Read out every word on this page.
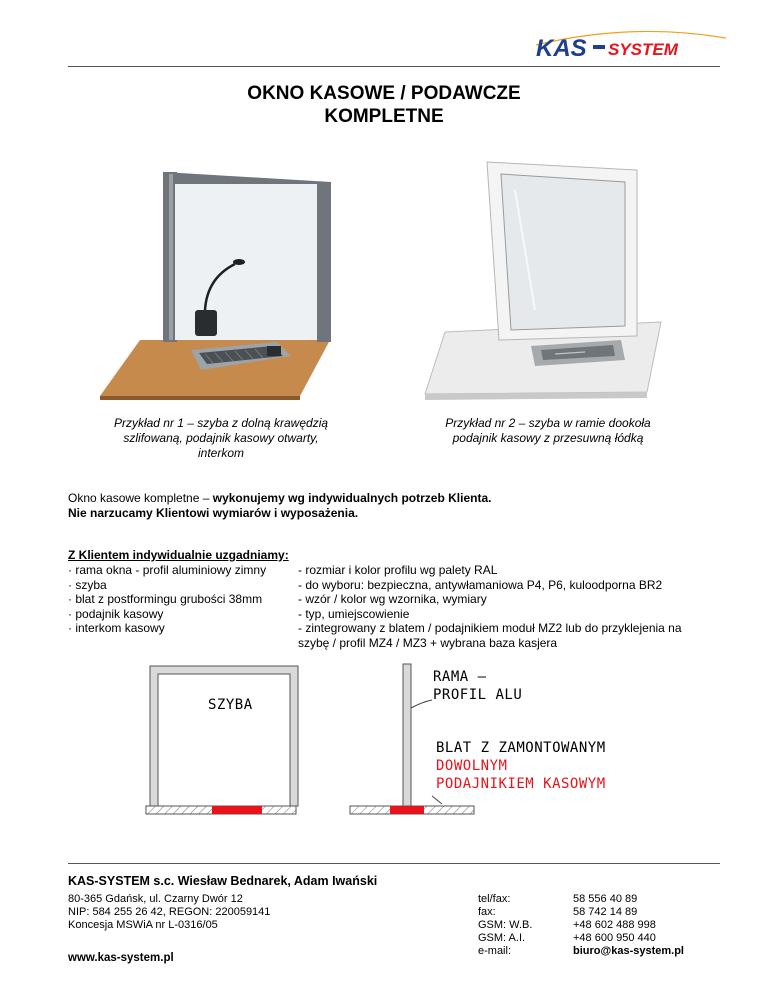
KAS SYSTEM
OKNO KASOWE / PODAWCZE
KOMPLETNE
Przykład nr 1 – szyba z dolną krawędzią
szlifowaną, podajnik kasowy otwarty,
interkom
Przykład nr 2 – szyba w ramie dookoła
podajnik kasowy z przesuwną łódką
Okno kasowe kompletne – wykonujemy wg indywidualnych potrzeb Klienta.
Nie narzucamy Klientowi wymiarów i wyposażenia.
Z Klientem indywidualnie uzgadniamy:
· rama okna - profil aluminiowy zimny
· szyba
· blat z postformingu grubości 38mm
· podajnik kasowy
· interkom kasowy
- rozmiar i kolor profilu wg palety RAL
- do wyboru: bezpieczna, antywłamaniowa P4, P6, kuloodporna BR2
- wzór / kolor wg wzornika, wymiary
- typ, umiejscowienie
- zintegrowany z blatem / podajnikiem moduł MZ2 lub do przyklejenia na
szybę / profil MZ4 / MZ3 + wybrana baza kasjera
SZYBA
RAMA –
PROFIL ALU
BLAT Z ZAMONTOWANYM
DOWOLNYM
PODAJNIKIEM KASOWYM
KAS-SYSTEM s.c. Wiesław Bednarek, Adam Iwański
80-365 Gdańsk, ul. Czarny Dwór 12
NIP: 584 255 26 42, REGON: 220059141
Koncesja MSWiA nr L-0316/05
www.kas-system.pl
tel/fax:
fax:
GSM: W.B.
GSM: A.I.
e-mail:
58 556 40 89
58 742 14 89
+48 602 488 998
+48 600 950 440
biuro@kas-system.pl
